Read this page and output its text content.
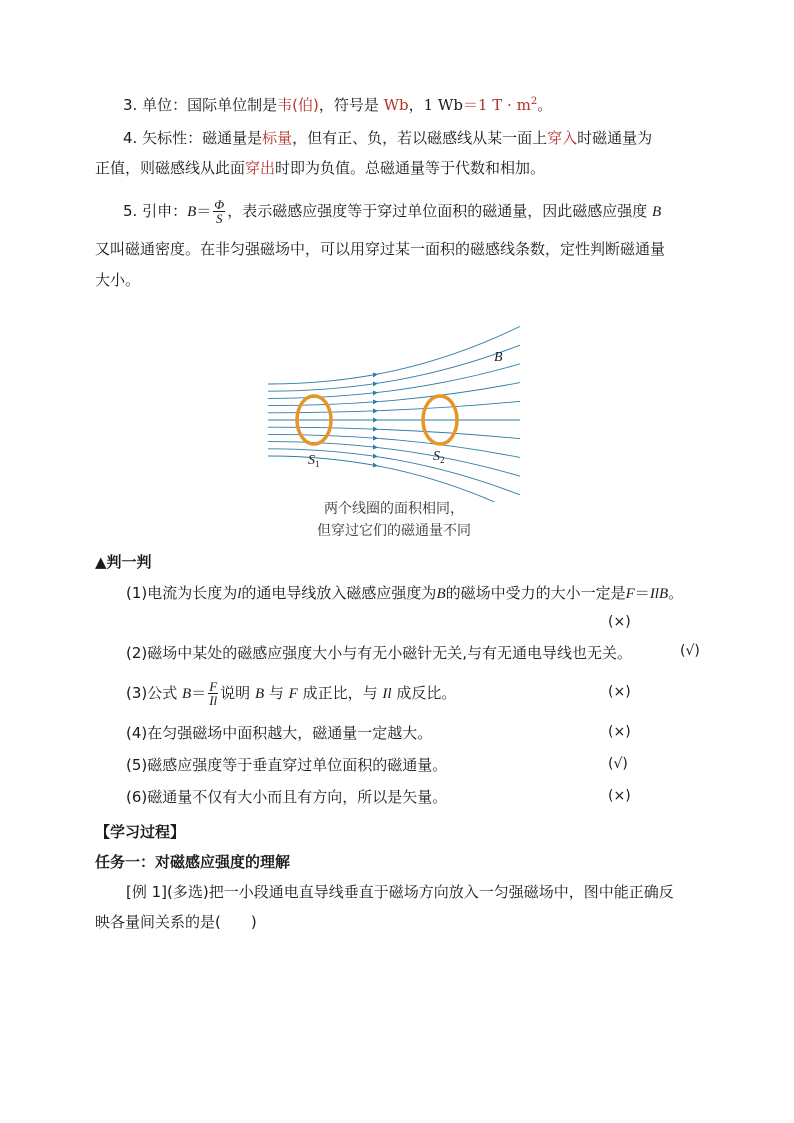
3. 单位：国际单位制是韦(伯)，符号是 Wb，1 Wb＝1 $T \cdot m^2$。
4. 矢标性：磁通量是标量，但有正、负，若以磁感线从某一面上穿入时磁通量为
正值，则磁感线从此面穿出时即为负值。总磁通量等于代数和相加。
5. 引申：$B= \frac{\Phi}{S}$ ，表示磁感应强度等于穿过单位面积的磁通量，因此磁感应强度 B
又叫磁通密度。在非匀强磁场中，可以用穿过某一面积的磁感线条数，定性判断磁通量
大小。
B
$S_1$	$S_2$
两个线圈的面积相同，
但穿过它们的磁通量不同
▲判一判
(1)电流为长度为l的通电导线放入磁感应强度为B的磁场中受力的大小一定是F＝IlB。
(×)
(2)磁场中某处的磁感应强度大小与有无小磁针无关,与有无通电导线也无关。	(√)
(3)公式 $B= \frac{F}{Il}$ 说明 B 与 F 成正比，与 Il 成反比。	(×)
(4)在匀强磁场中面积越大，磁通量一定越大。	(×)
(5)磁感应强度等于垂直穿过单位面积的磁通量。	(√)
(6)磁通量不仅有大小而且有方向，所以是矢量。	(×)
【学习过程】
任务一：对磁感应强度的理解
[例 1](多选)把一小段通电直导线垂直于磁场方向放入一匀强磁场中，图中能正确反
映各量间关系的是(　　)
